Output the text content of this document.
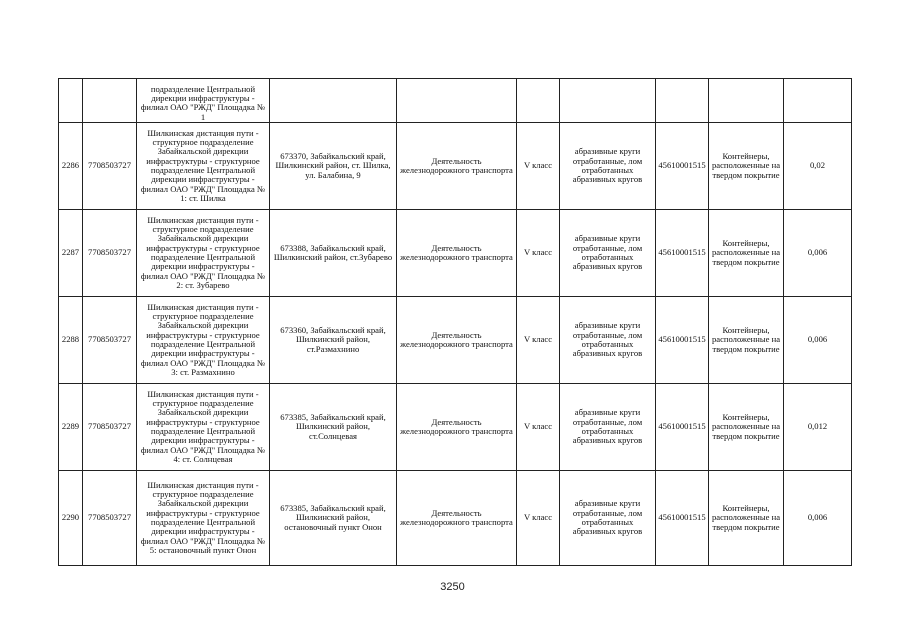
		подразделение Центральной дирекции инфраструктуры - филиал ОАО "РЖД" Площадка № 1							
2286	7708503727	Шилкинская дистанция пути - структурное подразделение Забайкальской дирекции инфраструктуры - структурное подразделение Центральной дирекции инфраструктуры - филиал ОАО "РЖД" Площадка № 1: ст. Шилка	673370, Забайкальский край, Шилкинский район, ст. Шилка, ул. Балабина, 9	Деятельность железнодорожного транспорта	V класс	абразивные круги отработанные, лом отработанных абразивных кругов	45610001515	Контейнеры, расположенные на твердом покрытие	0,02
2287	7708503727	Шилкинская дистанция пути - структурное подразделение Забайкальской дирекции инфраструктуры - структурное подразделение Центральной дирекции инфраструктуры - филиал ОАО "РЖД" Площадка № 2: ст. Зубарево	673388, Забайкальский край, Шилкинский район, ст.Зубарево	Деятельность железнодорожного транспорта	V класс	абразивные круги отработанные, лом отработанных абразивных кругов	45610001515	Контейнеры, расположенные на твердом покрытие	0,006
2288	7708503727	Шилкинская дистанция пути - структурное подразделение Забайкальской дирекции инфраструктуры - структурное подразделение Центральной дирекции инфраструктуры - филиал ОАО "РЖД" Площадка № 3: ст. Размахнино	673360, Забайкальский край, Шилкинский район, ст.Размахнино	Деятельность железнодорожного транспорта	V класс	абразивные круги отработанные, лом отработанных абразивных кругов	45610001515	Контейнеры, расположенные на твердом покрытие	0,006
2289	7708503727	Шилкинская дистанция пути - структурное подразделение Забайкальской дирекции инфраструктуры - структурное подразделение Центральной дирекции инфраструктуры - филиал ОАО "РЖД" Площадка № 4: ст. Солнцевая	673385, Забайкальский край, Шилкинский район, ст.Солнцевая	Деятельность железнодорожного транспорта	V класс	абразивные круги отработанные, лом отработанных абразивных кругов	45610001515	Контейнеры, расположенные на твердом покрытие	0,012
2290	7708503727	Шилкинская дистанция пути - структурное подразделение Забайкальской дирекции инфраструктуры - структурное подразделение Центральной дирекции инфраструктуры - филиал ОАО "РЖД" Площадка № 5: остановочный пункт Онон	673385, Забайкальский край, Шилкинский район, остановочный пункт Онон	Деятельность железнодорожного транспорта	V класс	абразивные круги отработанные, лом отработанных абразивных кругов	45610001515	Контейнеры, расположенные на твердом покрытие	0,006
3250
